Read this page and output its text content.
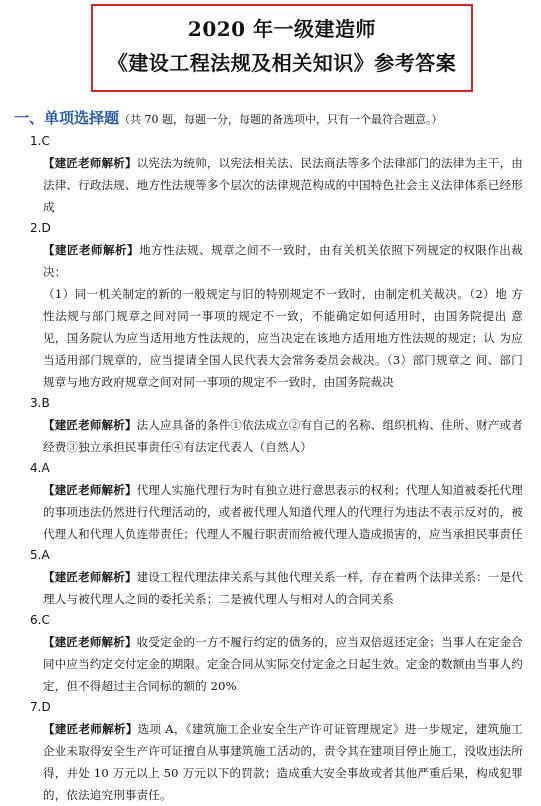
2020 年一级建造师
《建设工程法规及相关知识》参考答案
一、单项选择题（共 70 题，每题一分，每题的备选项中，只有一个最符合题意。）
1.C
【建匠老师解析】以宪法为统帅，以宪法相关法、民法商法等多个法律部门的法律为主干，由法律、行政法规、地方性法规等多个层次的法律规范构成的中国特色社会主义法律体系已经形成
2.D
【建匠老师解析】地方性法规、规章之间不一致时，由有关机关依照下列规定的权限作出裁决：
（1）同一机关制定的新的一般规定与旧的特别规定不一致时，由制定机关裁决。（2）地 方性法规与部门规章之间对同一事项的规定不一致，不能确定如何适用时，由国务院提出 意见，国务院认为应当适用地方性法规的，应当决定在该地方适用地方性法规的规定；认 为应当适用部门规章的，应当提请全国人民代表大会常务委员会裁决。（3）部门规章之 间、部门规章与地方政府规章之间对同一事项的规定不一致时，由国务院裁决
3.B
【建匠老师解析】法人应具备的条件①依法成立②有自己的名称、组织机构、住所、财产或者经费③独立承担民事责任④有法定代表人（自然人）
4.A
【建匠老师解析】代理人实施代理行为时有独立进行意思表示的权利；代理人知道被委托代理的事项违法仍然进行代理活动的，或者被代理人知道代理人的代理行为违法不表示反对的，被代理人和代理人负连带责任；代理人不履行职责而给被代理人造成损害的，应当承担民事责任
5.A
【建匠老师解析】建设工程代理法律关系与其他代理关系一样，存在着两个法律关系：一是代理人与被代理人之间的委托关系；二是被代理人与相对人的合同关系
6.C
【建匠老师解析】收受定金的一方不履行约定的债务的，应当双倍返还定金；当事人在定金合同中应当约定交付定金的期限。定金合同从实际交付定金之日起生效。定金的数额由当事人约定，但不得超过主合同标的额的 20%
7.D
【建匠老师解析】选项 A，《建筑施工企业安全生产许可证管理规定》进一步规定，建筑施工企业未取得安全生产许可证擅自从事建筑施工活动的，责令其在建项目停止施工，没收违法所得，并处 10 万元以上 50 万元以下的罚款；造成重大安全事故或者其他严重后果，构成犯罪的，依法追究刑事责任。
